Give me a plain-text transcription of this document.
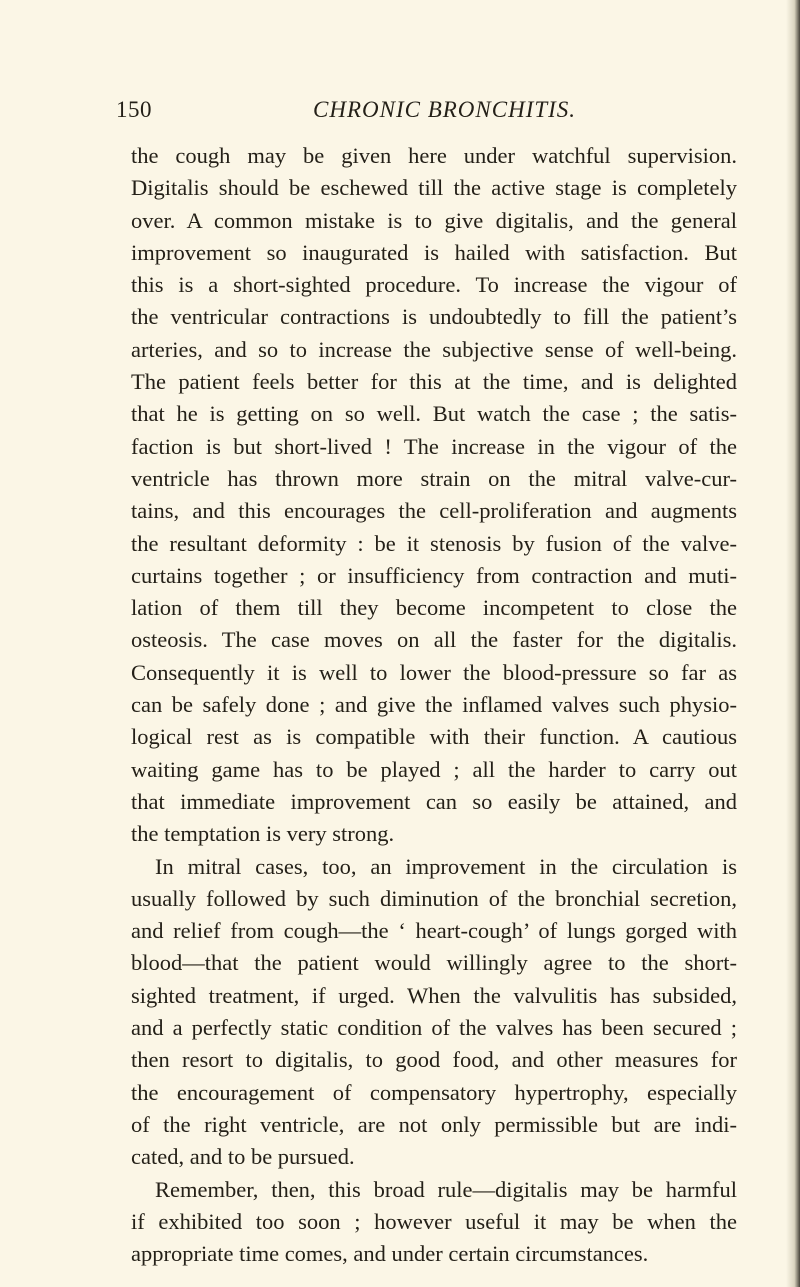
150	CHRONIC BRONCHITIS.
the cough may be given here under watchful supervision.
Digitalis should be eschewed till the active stage is completely
over. A common mistake is to give digitalis, and the general
improvement so inaugurated is hailed with satisfaction. But
this is a short-sighted procedure. To increase the vigour of
the ventricular contractions is undoubtedly to fill the patient’s
arteries, and so to increase the subjective sense of well-being.
The patient feels better for this at the time, and is delighted
that he is getting on so well. But watch the case ; the satis-
faction is but short-lived ! The increase in the vigour of the
ventricle has thrown more strain on the mitral valve-cur-
tains, and this encourages the cell-proliferation and augments
the resultant deformity : be it stenosis by fusion of the valve-
curtains together ; or insufficiency from contraction and muti-
lation of them till they become incompetent to close the
osteosis. The case moves on all the faster for the digitalis.
Consequently it is well to lower the blood-pressure so far as
can be safely done ; and give the inflamed valves such physio-
logical rest as is compatible with their function. A cautious
waiting game has to be played ; all the harder to carry out
that immediate improvement can so easily be attained, and
the temptation is very strong.
In mitral cases, too, an improvement in the circulation is
usually followed by such diminution of the bronchial secretion,
and relief from cough—the ‘ heart-cough’ of lungs gorged with
blood—that the patient would willingly agree to the short-
sighted treatment, if urged. When the valvulitis has subsided,
and a perfectly static condition of the valves has been secured ;
then resort to digitalis, to good food, and other measures for
the encouragement of compensatory hypertrophy, especially
of the right ventricle, are not only permissible but are indi-
cated, and to be pursued.
Remember, then, this broad rule—digitalis may be harmful
if exhibited too soon ; however useful it may be when the
appropriate time comes, and under certain circumstances.
